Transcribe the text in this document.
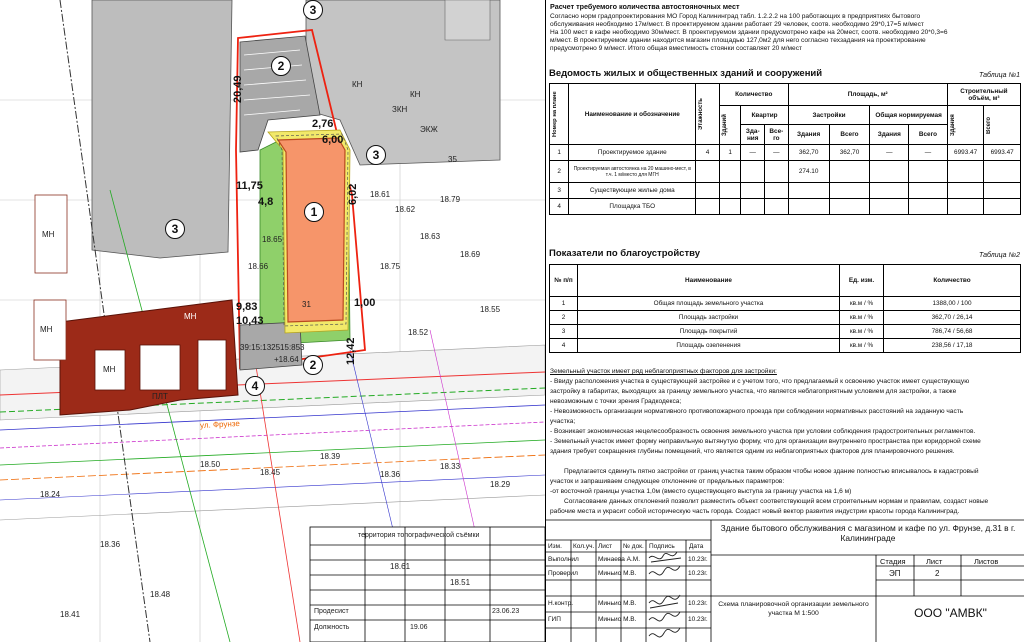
2
1
2
3
3
3
4
20,49
2,76
6,00
11,75
4,8	6,02
9,83
10,43
12,42
1,00
КН
КН
ЭКЖ
МН
МН
МН
МН
ПЛТ
ЗКН
31
35
39:15:132515:853
+18.64
ул. Фрунзе
18.61
18.62
18.63
18.65
18.66
18.79
18.69
18.75
18.55
18.52
18.50
18.45
18.39
18.36
18.33
18.29
18.24
18.36
18.48
18.41
18.61
18.51
территория топографической съёмки
Продесист
Должность
23.06.23
19.06
Расчет требуемого количества автостояночных мест
Согласно норм градопроектирования МО Город Калининград табл. 1.2.2.2 на 100 работающих в предприятиях бытового
обслуживания необходимо 17м/мест. В проектируемом здании работает 29 человек, соотв. необходимо 29*0,17=5 м/мест
На 100 мест в кафе необходимо 30м/мест. В проектируемом здании предусмотрено кафе на 20мест, соотв. необходимо 20*0,3=6
м/мест. В проектируемом здании находится магазин площадью 127,0м2 для него согласно техзадания на проектирование
предусмотрено 9 м/мест. Итого общая вместимость стоянки составляет 20 м/мест
Ведомость жилых и общественных зданий и сооружений	Таблица №1
Номер на плане	Наименование и обозначение	Этажность	Количество			Площадь, м²				Строительный объём, м³	

			Зданий	Квартир		Застройки		Общая нормируемая		Здания	Всего

				Зда-ния	Все-го	Здания	Всего	Здания	Всего		
1	Проектируемое здание	4	1	—	—	362,70	362,70	—	—	6993.47	6993.47
2	Проектируемая автостоянка на 20 машино-мест, в т.ч. 1 м/место для МГН					274.10					
3	Существующие жилые дома										
4	Площадка ТБО										
Показатели по благоустройству	Таблица №2
№ п/п	Наименование	Ед. изм.	Количество
1	Общая площадь земельного участка	кв.м / %	1388,00 / 100
2	Площадь застройки	кв.м / %	362,70 / 26,14
3	Площадь покрытий	кв.м / %	786,74 / 56,68
4	Площадь озеленения	кв.м / %	238,56 / 17,18
Земельный участок имеет ряд неблагоприятных факторов для застройки:
- Ввиду расположения участка в существующей застройке и с учетом того, что предлагаемый к освоению участок имеет существующую
застройку в габаритах, выходящих за границу земельного участка, что является неблагоприятным условием для застройки, а также
невозможным с точки зрения Градкодекса;
- Невозможность организации нормативного противопожарного проезда при соблюдении нормативных расстояний на заданную часть
участка;
- Возникает экономическая нецелесообразность освоения земельного участка при условии соблюдения градостроительных регламентов.
- Земельный участок имеет форму неправильную вытянутую форму, что для организации внутреннего пространства при коридорной схеме
здания требует сокращения глубины помещений, что является одним из неблагоприятных факторов для планировочного решения.
Предлагается сдвинуть пятно застройки от границ участка таким образом чтобы новое здание полностью вписывалось в кадастровый
участок и запрашиваем следующее отклонение от предельных параметров:
-от восточной границы участка 1,0м (вместо существующего выступа за границу участка на 1,6 м)
Согласование данных отклонений позволит разместить объект соответствующий всем строительным нормам и правилам, создаст новые
рабочие места и украсит собой историческую часть города. Создаст новый вектор развития индустрии красоты города Калининград.
Здание бытового обслуживания с магазином и кафе по ул. Фрунзе, д.31 в г. Калининграде
Изм. Кол.уч. Лист № док. Подпись Дата
Выполнил	Минаева А.М.	10.23г.
Проверил	Миньио М.В.	10.23г.
Н.контр.	Миньио М.В.	10.23г.
ГИП	Миньио М.В.	10.23г.
Стадия	Лист	Листов
ЭП	2
Схема планировочной организации земельного участка М 1:500	ООО "АМВК"
